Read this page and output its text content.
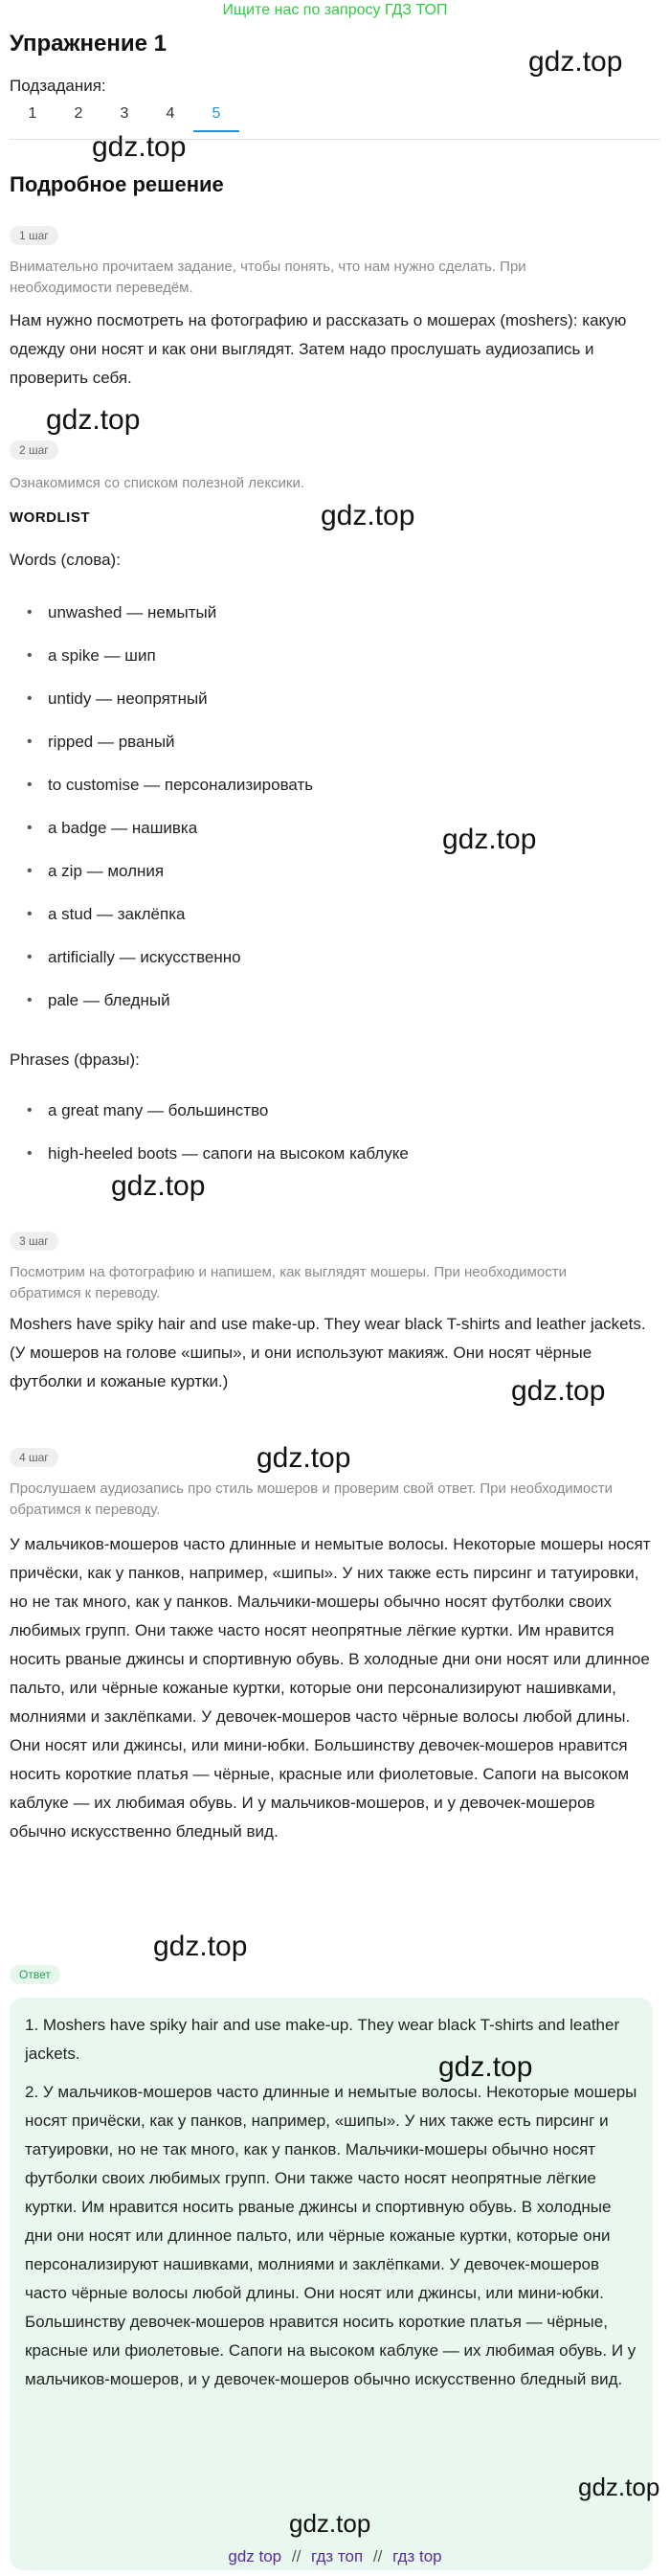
Ищите нас по запросу ГДЗ ТОП
Упражнение 1
gdz.top
Подзадания:
1	2	3	4	5
gdz.top
Подробное решение
1 шаг
Внимательно прочитаем задание, чтобы понять, что нам нужно сделать. При необходимости переведём.
Нам нужно посмотреть на фотографию и рассказать о мошерах (moshers): какую одежду они носят и как они выглядят. Затем надо прослушать аудиозапись и проверить себя.
gdz.top
2 шаг
Ознакомимся со списком полезной лексики.
gdz.top
WORDLIST
Words (слова):
• unwashed — немытый
• a spike — шип
• untidy — неопрятный
• ripped — рваный
• to customise — персонализировать
• a badge — нашивка
• a zip — молния
• a stud — заклёпка
• artificially — искусственно
• pale — бледный
gdz.top
Phrases (фразы):
• a great many — большинство
• high-heeled boots — сапоги на высоком каблуке
gdz.top
3 шаг
Посмотрим на фотографию и напишем, как выглядят мошеры. При необходимости обратимся к переводу.
Moshers have spiky hair and use make-up. They wear black T-shirts and leather jackets. (У мошеров на голове «шипы», и они используют макияж. Они носят чёрные футболки и кожаные куртки.)	gdz.top
gdz.top
4 шаг
Прослушаем аудиозапись про стиль мошеров и проверим свой ответ. При необходимости обратимся к переводу.
У мальчиков-мошеров часто длинные и немытые волосы. Некоторые мошеры носят причёски, как у панков, например, «шипы». У них также есть пирсинг и татуировки, но не так много, как у панков. Мальчики-мошеры обычно носят футболки своих любимых групп. Они также часто носят неопрятные лёгкие куртки. Им нравится носить рваные джинсы и спортивную обувь. В холодные дни они носят или длинное пальто, или чёрные кожаные куртки, которые они персонализируют нашивками, молниями и заклёпками. У девочек-мошеров часто чёрные волосы любой длины. Они носят или джинсы, или мини-юбки. Большинству девочек-мошеров нравится носить короткие платья — чёрные, красные или фиолетовые. Сапоги на высоком каблуке — их любимая обувь. И у мальчиков-мошеров, и у девочек-мошеров обычно искусственно бледный вид.
gdz.top
Ответ

1. Moshers have spiky hair and use make-up. They wear black T-shirts and leather jackets.

2. У мальчиков-мошеров часто длинные и немытые волосы. Некоторые мошеры носят причёски, как у панков, например, «шипы». У них также есть пирсинг и татуировки, но не так много, как у панков. Мальчики-мошеры обычно носят футболки своих любимых групп. Они также часто носят неопрятные лёгкие куртки. Им нравится носить рваные джинсы и спортивную обувь. В холодные дни они носят или длинное пальто, или чёрные кожаные куртки, которые они персонализируют нашивками, молниями и заклёпками. У девочек-мошеров часто чёрные волосы любой длины. Они носят или джинсы, или мини-юбки. Большинству девочек-мошеров нравится носить короткие платья — чёрные, красные или фиолетовые. Сапоги на высоком каблуке — их любимая обувь. И у мальчиков-мошеров, и у девочек-мошеров обычно искусственно бледный вид.

gdz.top
gdz.top
gdz.top
gdz top // гдз топ // гдз top
